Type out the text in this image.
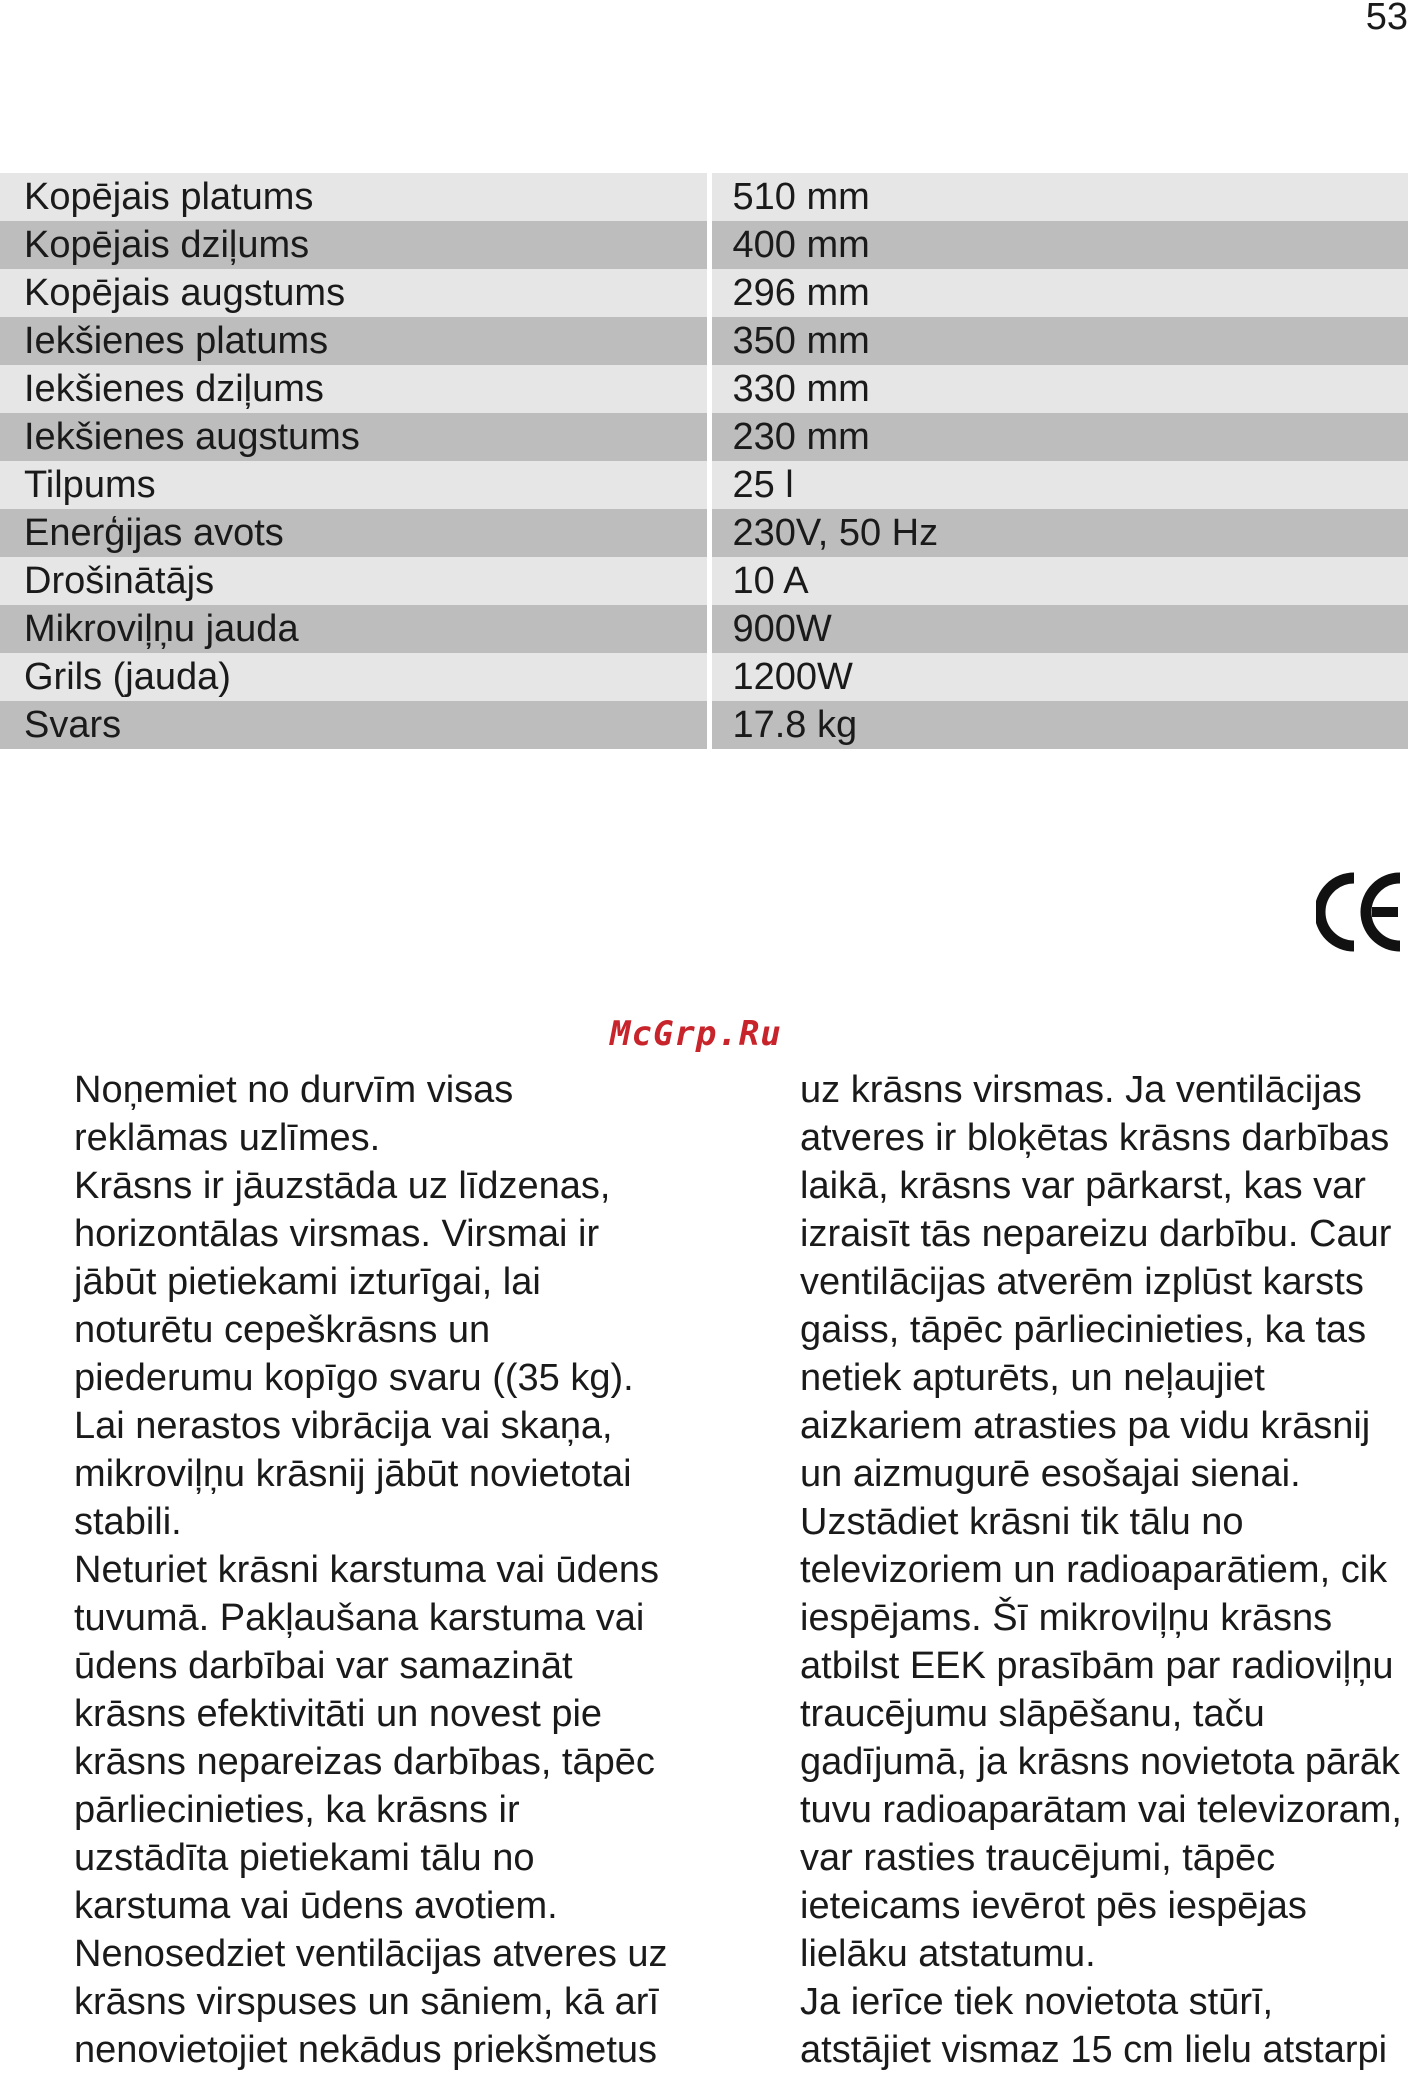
53
Kopējais platums	510 mm
Kopējais dziļums	400 mm
Kopējais augstums	296 mm
Iekšienes platums	350 mm
Iekšienes dziļums	330 mm
Iekšienes augstums	230 mm
Tilpums	25 l
Enerģijas avots	230V, 50 Hz
Drošinātājs	10 A
Mikroviļņu jauda	900W
Grils (jauda)	1200W
Svars	17.8 kg
McGrp.Ru
Noņemiet no durvīm visas
reklāmas uzlīmes.
Krāsns ir jāuzstāda uz līdzenas,
horizontālas virsmas. Virsmai ir
jābūt pietiekami izturīgai, lai
noturētu cepeškrāsns un
piederumu kopīgo svaru ((35 kg).
Lai nerastos vibrācija vai skaņa,
mikroviļņu krāsnij jābūt novietotai
stabili.
Neturiet krāsni karstuma vai ūdens
tuvumā. Pakļaušana karstuma vai
ūdens darbībai var samazināt
krāsns efektivitāti un novest pie
krāsns nepareizas darbības, tāpēc
pārliecinieties, ka krāsns ir
uzstādīta pietiekami tālu no
karstuma vai ūdens avotiem.
Nenosedziet ventilācijas atveres uz
krāsns virspuses un sāniem, kā arī
nenovietojiet nekādus priekšmetus
uz krāsns virsmas. Ja ventilācijas
atveres ir bloķētas krāsns darbības
laikā, krāsns var pārkarst, kas var
izraisīt tās nepareizu darbību. Caur
ventilācijas atverēm izplūst karsts
gaiss, tāpēc pārliecinieties, ka tas
netiek apturēts, un neļaujiet
aizkariem atrasties pa vidu krāsnij
un aizmugurē esošajai sienai.
Uzstādiet krāsni tik tālu no
televizoriem un radioaparātiem, cik
iespējams. Šī mikroviļņu krāsns
atbilst EEK prasībām par radioviļņu
traucējumu slāpēšanu, taču
gadījumā, ja krāsns novietota pārāk
tuvu radioaparātam vai televizoram,
var rasties traucējumi, tāpēc
ieteicams ievērot pēs iespējas
lielāku atstatumu.
Ja ierīce tiek novietota stūrī,
atstājiet vismaz 15 cm lielu atstarpi
